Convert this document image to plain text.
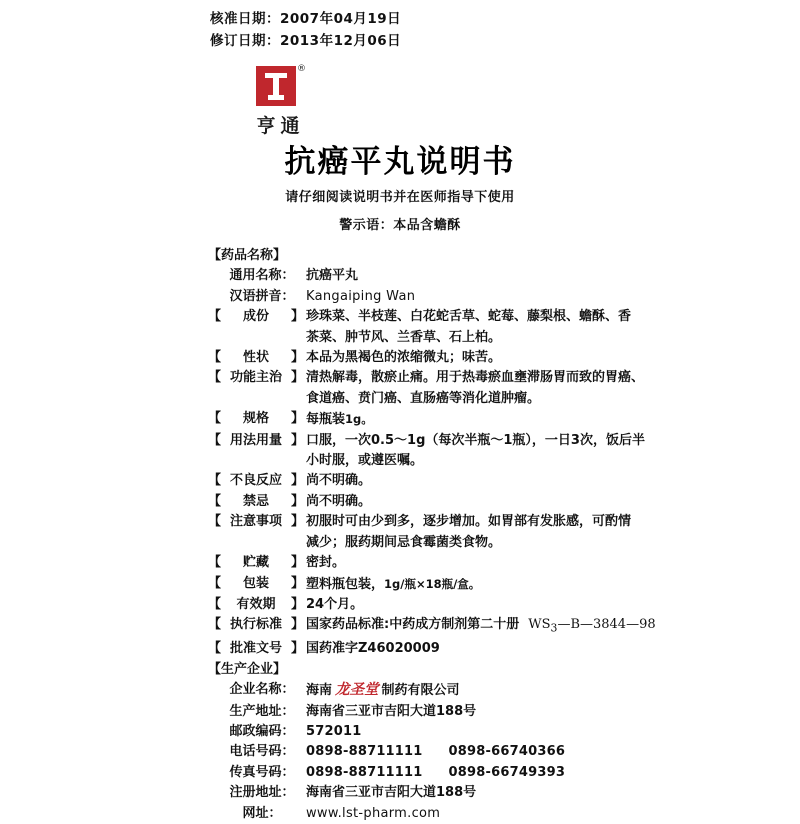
核准日期：2007年04月19日
修订日期：2013年12月06日
®
亨通
抗癌平丸说明书
请仔细阅读说明书并在医师指导下使用
警示语：本品含蟾酥
【药品名称】
通用名称： 抗癌平丸
汉语拼音： Kangaiping Wan
【	成份	】 珍珠菜、半枝莲、白花蛇舌草、蛇莓、藤梨根、蟾酥、香
茶菜、肿节风、兰香草、石上柏。
【	性状	】 本品为黑褐色的浓缩微丸；味苦。
【 功能主治 】 清热解毒，散瘀止痛。用于热毒瘀血壅滞肠胃而致的胃癌、
食道癌、贲门癌、直肠癌等消化道肿瘤。
【	规格	】 每瓶装1g。
【 用法用量 】 口服，一次0.5～1g（每次半瓶～1瓶），一日3次，饭后半
小时服，或遵医嘱。
【 不良反应 】 尚不明确。
【	禁忌	】 尚不明确。
【 注意事项 】 初服时可由少到多，逐步增加。如胃部有发胀感，可酌情
减少；服药期间忌食霉菌类食物。
【	贮藏	】 密封。
【	包装	】 塑料瓶包装，1g/瓶×18瓶/盒。
【	有效期	】 24个月。
【 执行标准 】 国家药品标准:中药成方制剂第二十册 $WS_3—B—3844—98$
【 批准文号 】 国药准字Z46020009
【生产企业】
企业名称： 海南 龙圣堂 制药有限公司
生产地址： 海南省三亚市吉阳大道188号
邮政编码： 572011
电话号码： 0898-88711111 0898-66740366
传真号码： 0898-88711111 0898-66749393
注册地址： 海南省三亚市吉阳大道188号
网址：	www.lst-pharm.com
